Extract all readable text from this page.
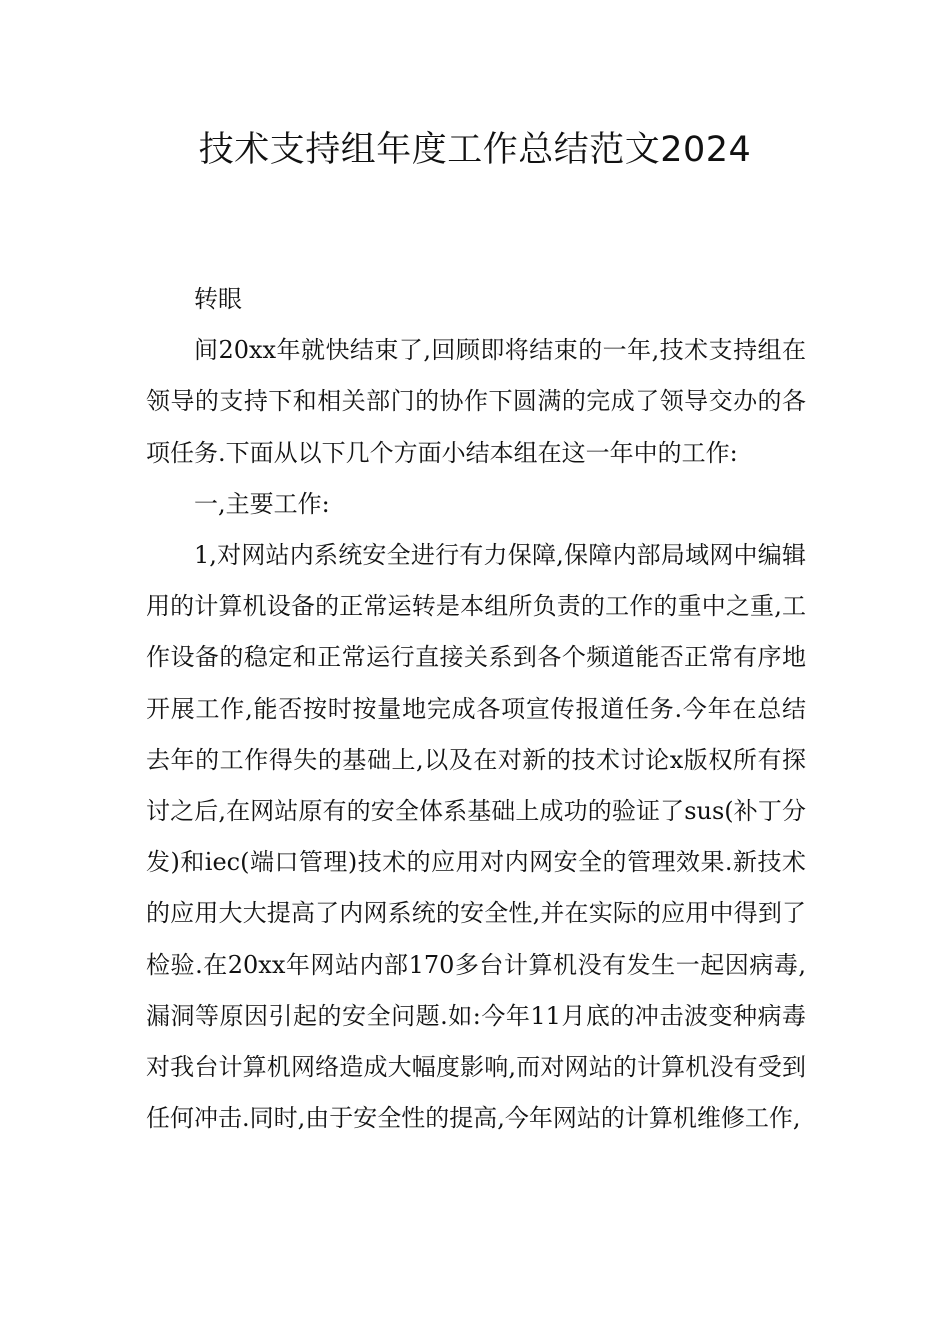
技术支持组年度工作总结范文2024

转眼

间20xx年就快结束了,回顾即将结束的一年,技术支持组在领导的支持下和相关部门的协作下圆满的完成了领导交办的各项任务.下面从以下几个方面小结本组在这一年中的工作:

一,主要工作:

1,对网站内系统安全进行有力保障,保障内部局域网中编辑用的计算机设备的正常运转是本组所负责的工作的重中之重,工作设备的稳定和正常运行直接关系到各个频道能否正常有序地开展工作,能否按时按量地完成各项宣传报道任务.今年在总结去年的工作得失的基础上,以及在对新的技术讨论x版权所有探讨之后,在网站原有的安全体系基础上成功的验证了sus(补丁分发)和iec(端口管理)技术的应用对内网安全的管理效果.新技术的应用大大提高了内网系统的安全性,并在实际的应用中得到了检验.在20xx年网站内部170多台计算机没有发生一起因病毒,漏洞等原因引起的安全问题.如:今年11月底的冲击波变种病毒对我台计算机网络造成大幅度影响,而对网站的计算机没有受到任何冲击.同时,由于安全性的提高,今年网站的计算机维修工作,
